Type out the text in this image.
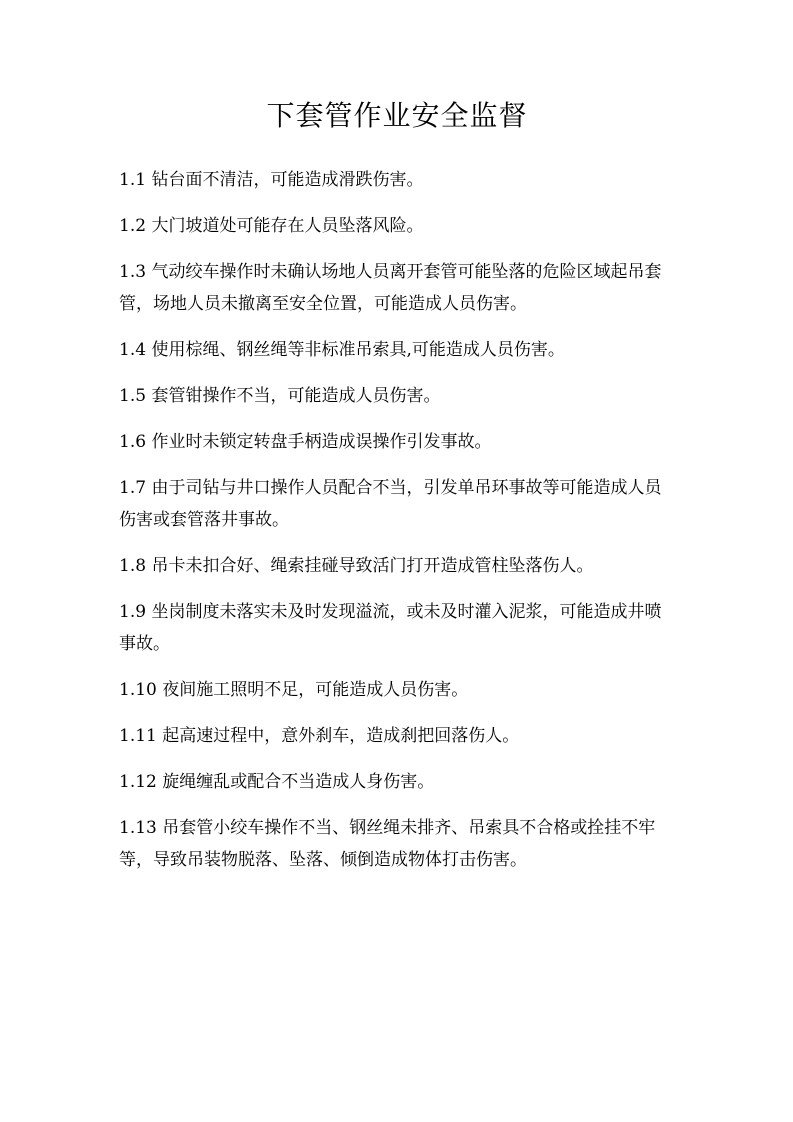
下套管作业安全监督
1.1 钻台面不清洁，可能造成滑跌伤害。
1.2 大门坡道处可能存在人员坠落风险。
1.3 气动绞车操作时未确认场地人员离开套管可能坠落的危险区域起吊套管，场地人员未撤离至安全位置，可能造成人员伤害。
1.4 使用棕绳、钢丝绳等非标准吊索具,可能造成人员伤害。
1.5 套管钳操作不当，可能造成人员伤害。
1.6 作业时未锁定转盘手柄造成误操作引发事故。
1.7 由于司钻与井口操作人员配合不当，引发单吊环事故等可能造成人员伤害或套管落井事故。
1.8 吊卡未扣合好、绳索挂碰导致活门打开造成管柱坠落伤人。
1.9 坐岗制度未落实未及时发现溢流，或未及时灌入泥浆，可能造成井喷事故。
1.10 夜间施工照明不足，可能造成人员伤害。
1.11 起高速过程中，意外刹车，造成刹把回落伤人。
1.12 旋绳缠乱或配合不当造成人身伤害。
1.13 吊套管小绞车操作不当、钢丝绳未排齐、吊索具不合格或拴挂不牢等，导致吊装物脱落、坠落、倾倒造成物体打击伤害。
